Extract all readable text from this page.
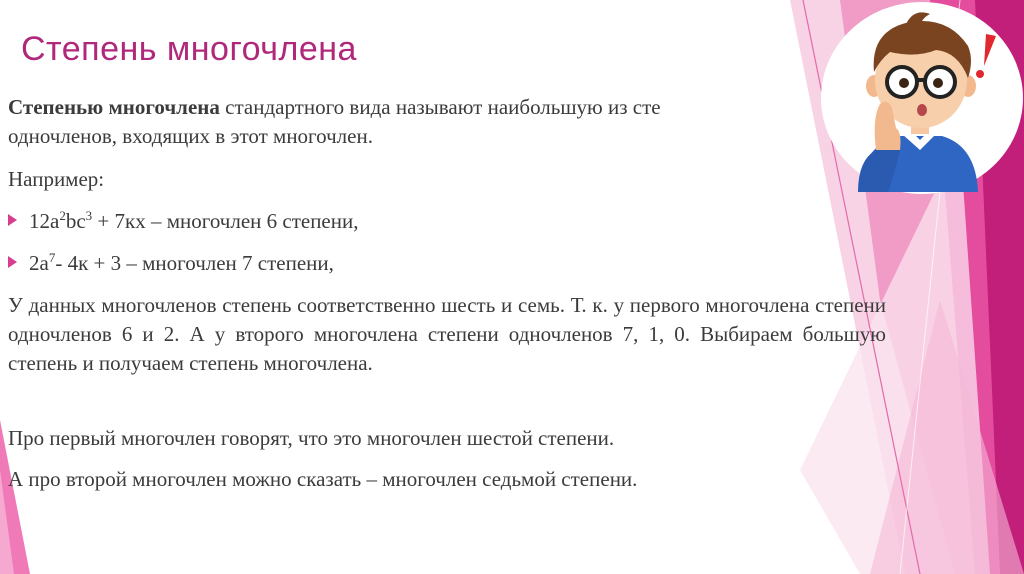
Степень многочлена
Степенью многочлена стандартного вида называют наибольшую из сте
одночленов, входящих в этот многочлен.
Например:
$12a^2bc^3 + 7кх$ – многочлен 6 степени,
$2a^7-$ 4к + 3 – многочлен 7 степени,
У данных многочленов степень соответственно шесть и семь. Т. к. у первого многочлена степени одночленов 6 и 2. А у второго многочлена степени одночленов 7, 1, 0. Выбираем большую степень и получаем степень многочлена.
Про первый многочлен говорят, что это многочлен шестой степени.
А про второй многочлен можно сказать – многочлен седьмой степени.
